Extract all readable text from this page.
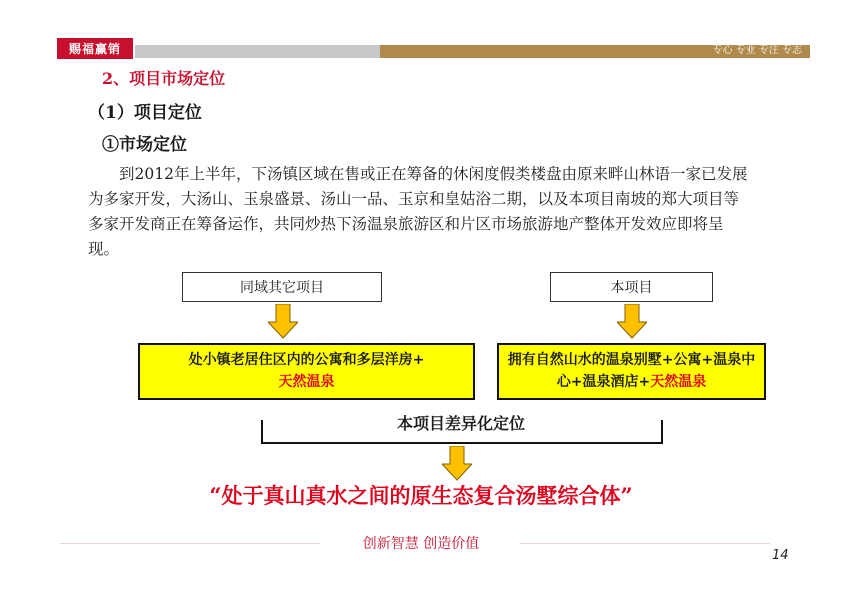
赐福赢销	专心 专业 专注 专志
2、项目市场定位
（1）项目定位
①市场定位
到2012年上半年，下汤镇区域在售或正在筹备的休闲度假类楼盘由原来畔山林语一家已发展为多家开发，大汤山、玉泉盛景、汤山一品、玉京和皇姑浴二期，以及本项目南坡的郑大项目等多家开发商正在筹备运作，共同炒热下汤温泉旅游区和片区市场旅游地产整体开发效应即将呈现。
同域其它项目	本项目
处小镇老居住区内的公寓和多层洋房+
天然温泉
拥有自然山水的温泉别墅+公寓+温泉中心+温泉酒店+天然温泉
本项目差异化定位
“处于真山真水之间的原生态复合汤墅综合体”
创新智慧 创造价值
14
